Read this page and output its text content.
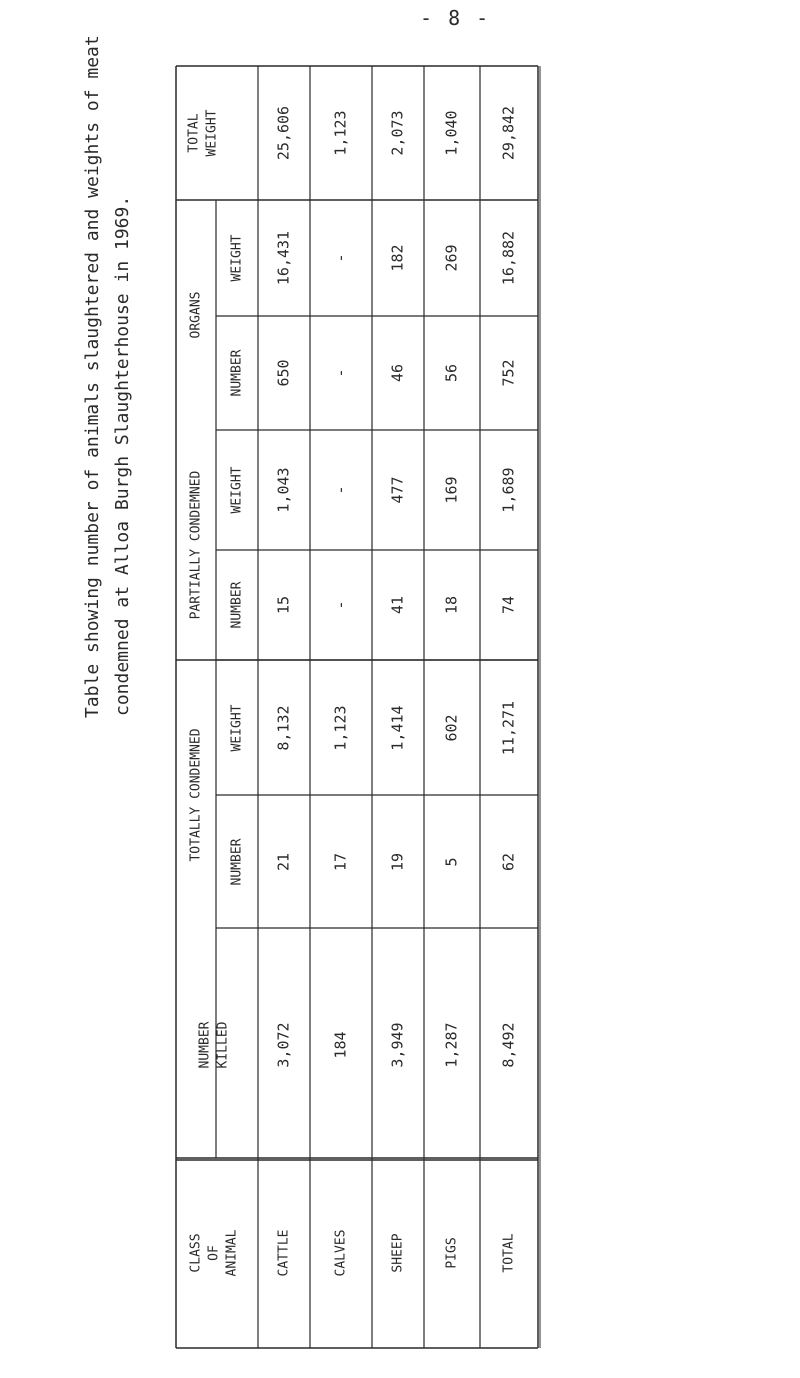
- 8 -
Table showing number of animals slaughtered and weights of meat condemned at Alloa Burgh Slaughterhouse in 1969.
TOTAL WEIGHT
ORGANS
WEIGHT
NUMBER
PARTIALLY CONDEMNED WEIGHT
NUMBER
TOTALLY CONDEMNED
WEIGHT
NUMBER
NUMBER KILLED
CLASS OF ANIMAL
25,606
16,431
650
1,043
15
8,132
21
3,072
CATTLE
1,123
-
-
-
-
1,123
17
184
CALVES
2,073
182
46
477
41
1,414
19
3,949
SHEEP
1,040
269
56
169
18
602
5
1,287
PIGS
29,842
16,882
752
1,689
74
11,271
62
8,492
TOTAL
